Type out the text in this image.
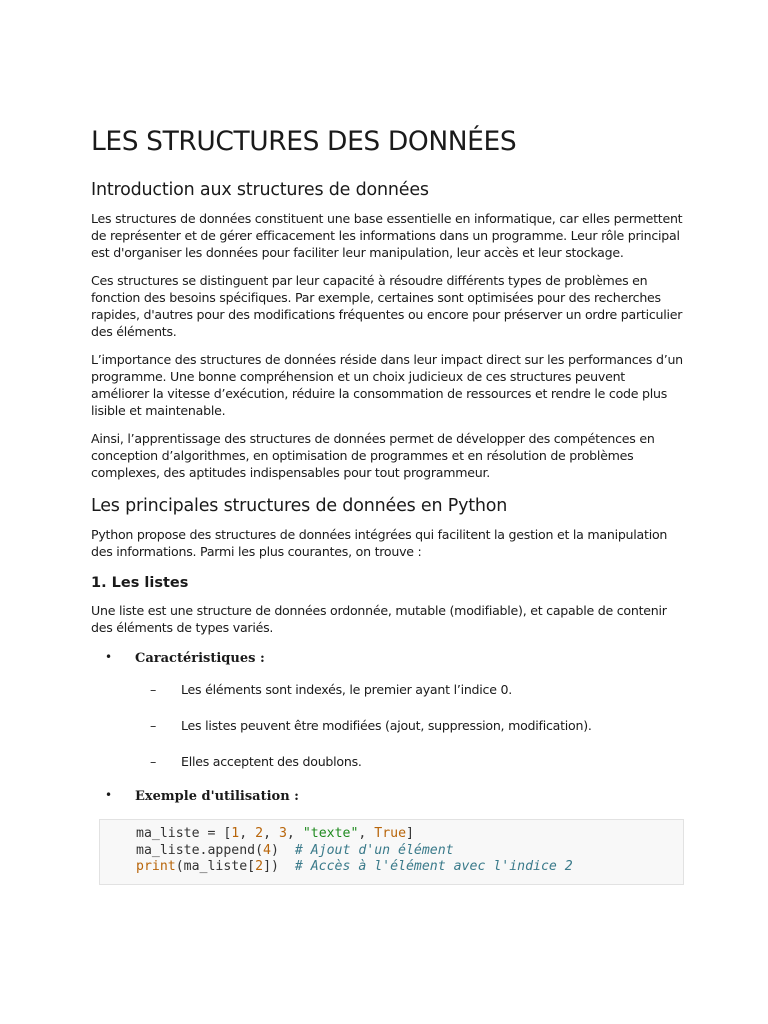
LES STRUCTURES DES DONNÉES
Introduction aux structures de données

Les structures de données constituent une base essentielle en informatique, car elles permettent de représenter et de gérer efficacement les informations dans un programme. Leur rôle principal est d'organiser les données pour faciliter leur manipulation, leur accès et leur stockage.

Ces structures se distinguent par leur capacité à résoudre différents types de problèmes en fonction des besoins spécifiques. Par exemple, certaines sont optimisées pour des recherches rapides, d'autres pour des modifications fréquentes ou encore pour préserver un ordre particulier des éléments.

L’importance des structures de données réside dans leur impact direct sur les performances d’un programme. Une bonne compréhension et un choix judicieux de ces structures peuvent améliorer la vitesse d’exécution, réduire la consommation de ressources et rendre le code plus lisible et maintenable.

Ainsi, l’apprentissage des structures de données permet de développer des compétences en conception d’algorithmes, en optimisation de programmes et en résolution de problèmes complexes, des aptitudes indispensables pour tout programmeur.

Les principales structures de données en Python

Python propose des structures de données intégrées qui facilitent la gestion et la manipulation des informations. Parmi les plus courantes, on trouve :

1. Les listes

Une liste est une structure de données ordonnée, mutable (modifiable), et capable de contenir des éléments de types variés.

• Caractéristiques :
– Les éléments sont indexés, le premier ayant l’indice 0.
– Les listes peuvent être modifiées (ajout, suppression, modification).
– Elles acceptent des doublons.
• Exemple d'utilisation :
ma_liste = [1, 2, 3, "texte", True]
ma_liste.append(4)  # Ajout d'un élément
print(ma_liste[2])  # Accès à l'élément avec l'indice 2
